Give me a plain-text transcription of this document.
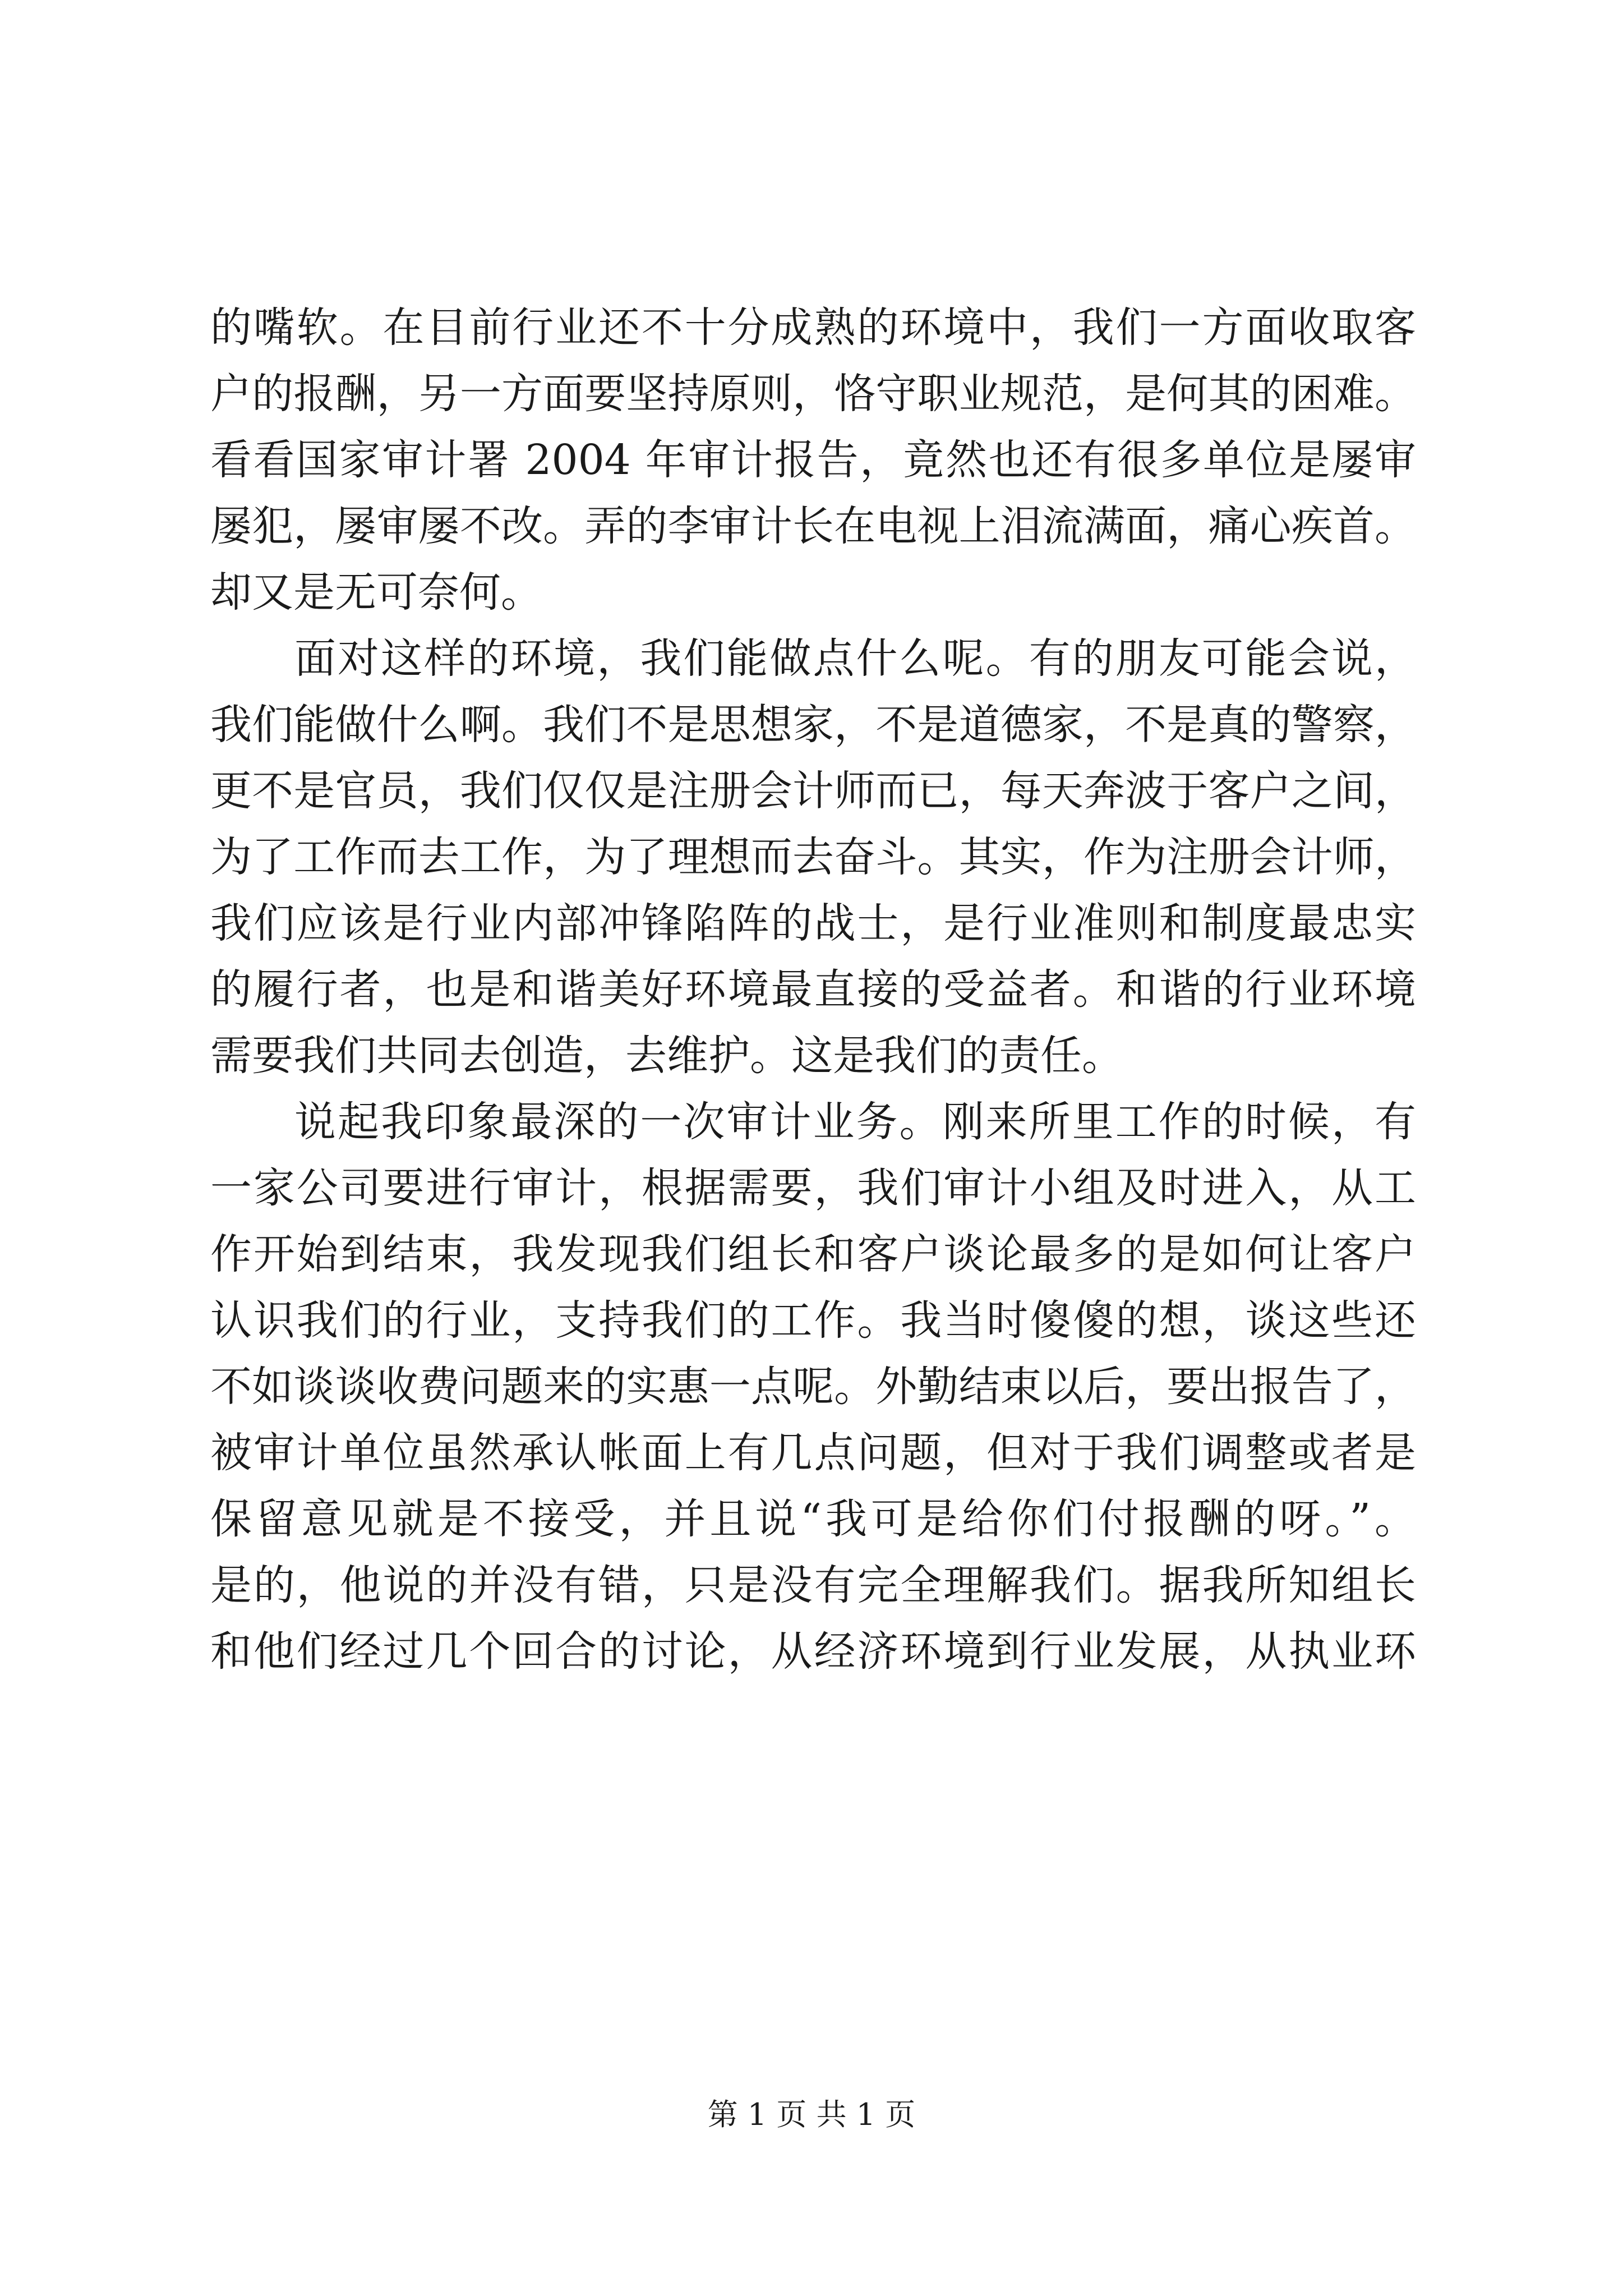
的嘴软。在目前行业还不十分成熟的环境中，我们一方面收取客
户的报酬，另一方面要坚持原则，恪守职业规范，是何其的困难。
看看国家审计署 2004 年审计报告，竟然也还有很多单位是屡审
屡犯，屡审屡不改。弄的李审计长在电视上泪流满面，痛心疾首。
却又是无可奈何。
面对这样的环境，我们能做点什么呢。有的朋友可能会说，
我们能做什么啊。我们不是思想家，不是道德家，不是真的警察，
更不是官员，我们仅仅是注册会计师而已，每天奔波于客户之间，
为了工作而去工作，为了理想而去奋斗。其实，作为注册会计师，
我们应该是行业内部冲锋陷阵的战士，是行业准则和制度最忠实
的履行者，也是和谐美好环境最直接的受益者。和谐的行业环境
需要我们共同去创造，去维护。这是我们的责任。
说起我印象最深的一次审计业务。刚来所里工作的时候，有
一家公司要进行审计，根据需要，我们审计小组及时进入，从工
作开始到结束，我发现我们组长和客户谈论最多的是如何让客户
认识我们的行业，支持我们的工作。我当时傻傻的想，谈这些还
不如谈谈收费问题来的实惠一点呢。外勤结束以后，要出报告了，
被审计单位虽然承认帐面上有几点问题，但对于我们调整或者是
保留意见就是不接受，并且说“我可是给你们付报酬的呀。”。
是的，他说的并没有错，只是没有完全理解我们。据我所知组长
和他们经过几个回合的讨论，从经济环境到行业发展，从执业环
第 1 页 共 1 页
